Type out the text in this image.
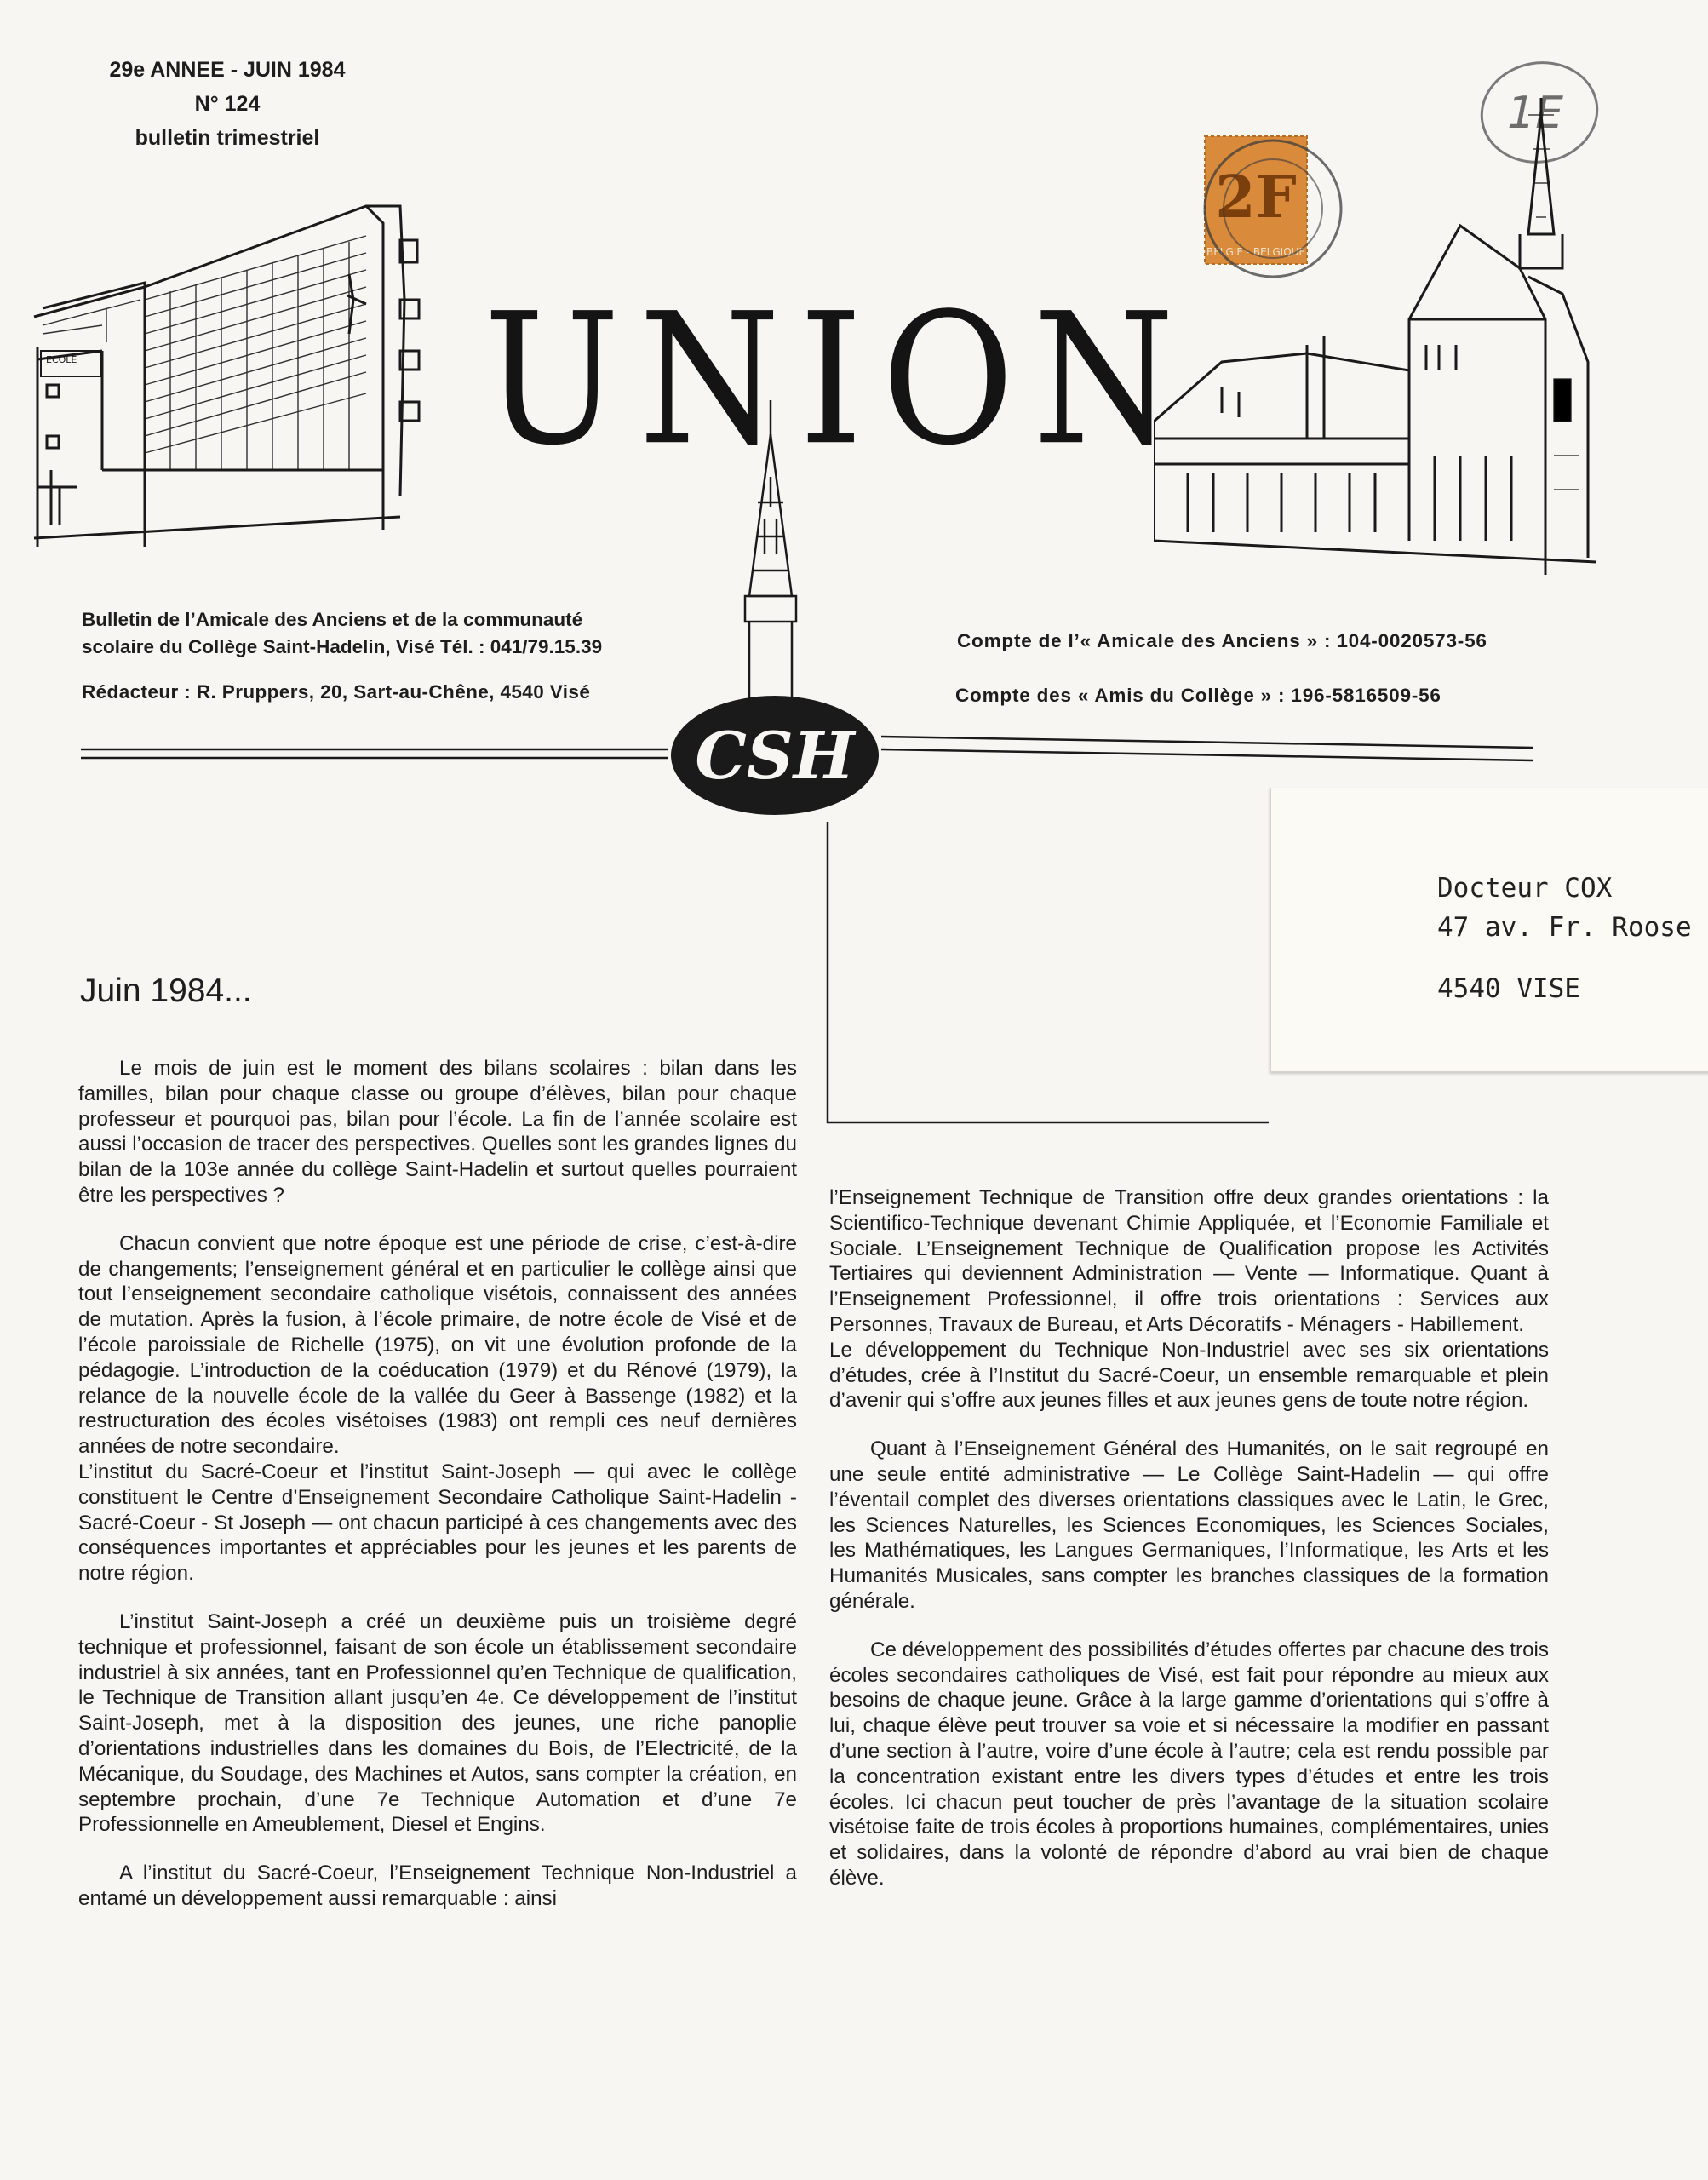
29e ANNEE - JUIN 1984
N° 124
bulletin trimestriel	1E
ECOLE	UNION
CSH
2F
BELGIE - BELGIQUE
Bulletin de l’Amicale des Anciens et de la communauté
scolaire du Collège Saint-Hadelin, Visé Tél. : 041/79.15.39
Rédacteur : R. Pruppers, 20, Sart-au-Chêne, 4540 Visé
Compte de l’« Amicale des Anciens » : 104-0020573-56
Compte des « Amis du Collège » : 196-5816509-56
Docteur COX
47 av. Fr. Roose
4540 VISE
Juin 1984...

Le mois de juin est le moment des bilans scolaires : bilan dans les familles, bilan pour chaque classe ou groupe d’élèves, bilan pour chaque professeur et pourquoi pas, bilan pour l’école. La fin de l’année scolaire est aussi l’occasion de tracer des perspectives. Quelles sont les grandes lignes du bilan de la 103e année du collège Saint-Hadelin et surtout quelles pourraient être les perspectives ?

Chacun convient que notre époque est une période de crise, c’est-à-dire de changements; l’enseignement général et en particulier le collège ainsi que tout l’enseignement secondaire catholique visétois, connaissent des années de mutation. Après la fusion, à l’école primaire, de notre école de Visé et de l’école paroissiale de Richelle (1975), on vit une évolution profonde de la pédagogie. L’introduction de la coéducation (1979) et du Rénové (1979), la relance de la nouvelle école de la vallée du Geer à Bassenge (1982) et la restructuration des écoles visétoises (1983) ont rempli ces neuf dernières années de notre secondaire.

L’institut du Sacré-Coeur et l’institut Saint-Joseph — qui avec le collège constituent le Centre d’Enseignement Secondaire Catholique Saint-Hadelin - Sacré-Coeur - St Joseph — ont chacun participé à ces changements avec des conséquences importantes et appréciables pour les jeunes et les parents de notre région.

L’institut Saint-Joseph a créé un deuxième puis un troisième degré technique et professionnel, faisant de son école un établissement secondaire industriel à six années, tant en Professionnel qu’en Technique de qualification, le Technique de Transition allant jusqu’en 4e. Ce développement de l’institut Saint-Joseph, met à la disposition des jeunes, une riche panoplie d’orientations industrielles dans les domaines du Bois, de l’Electricité, de la Mécanique, du Soudage, des Machines et Autos, sans compter la création, en septembre prochain, d’une 7e Technique Automation et d’une 7e Professionnelle en Ameublement, Diesel et Engins.

A l’institut du Sacré-Coeur, l’Enseignement Technique Non-Industriel a entamé un développement aussi remarquable : ainsi

l’Enseignement Technique de Transition offre deux grandes orientations : la Scientifico-Technique devenant Chimie Appliquée, et l’Economie Familiale et Sociale. L’Enseignement Technique de Qualification propose les Activités Tertiaires qui deviennent Administration — Vente — Informatique. Quant à l’Enseignement Professionnel, il offre trois orientations : Services aux Personnes, Travaux de Bureau, et Arts Décoratifs - Ménagers - Habillement.

Le développement du Technique Non-Industriel avec ses six orientations d’études, crée à l’Institut du Sacré-Coeur, un ensemble remarquable et plein d’avenir qui s’offre aux jeunes filles et aux jeunes gens de toute notre région.

Quant à l’Enseignement Général des Humanités, on le sait regroupé en une seule entité administrative — Le Collège Saint-Hadelin — qui offre l’éventail complet des diverses orientations classiques avec le Latin, le Grec, les Sciences Naturelles, les Sciences Economiques, les Sciences Sociales, les Mathématiques, les Langues Germaniques, l’Informatique, les Arts et les Humanités Musicales, sans compter les branches classiques de la formation générale.

Ce développement des possibilités d’études offertes par chacune des trois écoles secondaires catholiques de Visé, est fait pour répondre au mieux aux besoins de chaque jeune. Grâce à la large gamme d’orientations qui s’offre à lui, chaque élève peut trouver sa voie et si nécessaire la modifier en passant d’une section à l’autre, voire d’une école à l’autre; cela est rendu possible par la concentration existant entre les divers types d’études et entre les trois écoles. Ici chacun peut toucher de près l’avantage de la situation scolaire visétoise faite de trois écoles à proportions humaines, complémentaires, unies et solidaires, dans la volonté de répondre d’abord au vrai bien de chaque élève.
